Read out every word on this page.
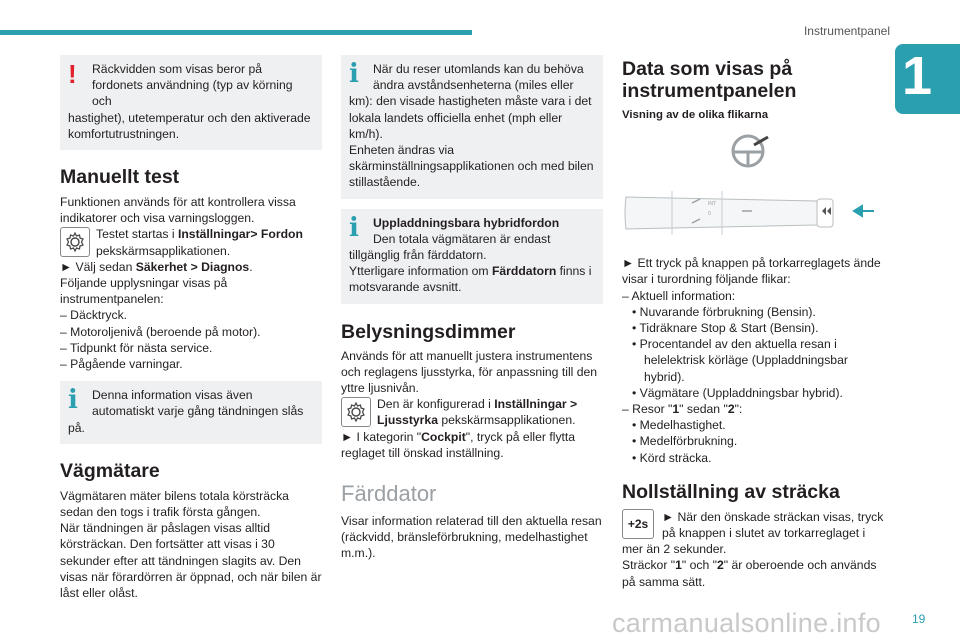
Instrumentpanel
1
!	Räckvidden som visas beror på

fordonets användning (typ av körning och

hastighet), utetemperatur och den aktiverade

komfortutrustningen.

Manuellt test

Funktionen används för att kontrollera vissa

indikatorer och visa varningsloggen.

Testet startas i Inställningar> Fordon

pekskärmsapplikationen.

► Välj sedan Säkerhet > Diagnos.

Följande upplysningar visas på

instrumentpanelen:

– Däcktryck.

– Motoroljenivå (beroende på motor).

– Tidpunkt för nästa service.

– Pågående varningar.

i	Denna information visas även

automatiskt varje gång tändningen slås

på.

Vägmätare

Vägmätaren mäter bilens totala körsträcka

sedan den togs i trafik första gången.

När tändningen är påslagen visas alltid

körsträckan. Den fortsätter att visas i 30

sekunder efter att tändningen slagits av. Den

visas när förardörren är öppnad, och när bilen är

låst eller olåst.

i	När du reser utomlands kan du behöva

ändra avståndsenheterna (miles eller

km): den visade hastigheten måste vara i det

lokala landets officiella enhet (mph eller

km/h).

Enheten ändras via

skärminställningsapplikationen och med bilen

stillastående.

i	Uppladdningsbara hybridfordon

Den totala vägmätaren är endast

tillgänglig från färddatorn.

Ytterligare information om Färddatorn finns i

motsvarande avsnitt.

Belysningsdimmer

Används för att manuellt justera instrumentens

och reglagens ljusstyrka, för anpassning till den

yttre ljusnivån.

Den är konfigurerad i Inställningar >

Ljusstyrka pekskärmsapplikationen.

► I kategorin "Cockpit", tryck på eller flytta

reglaget till önskad inställning.

Färddator

Visar information relaterad till den aktuella resan

(räckvidd, bränsleförbrukning, medelhastighet

m.m.).

Data som visas på
instrumentpanelen

Visning av de olika flikarna

INT
0

► Ett tryck på knappen på torkarreglagets ände

visar i turordning följande flikar:

– Aktuell information:

• Nuvarande förbrukning (Bensin).

• Tidräknare Stop & Start (Bensin).

• Procentandel av den aktuella resan i

helelektrisk körläge (Uppladdningsbar

hybrid).

• Vägmätare (Uppladdningsbar hybrid).

– Resor "1" sedan "2":

• Medelhastighet.

• Medelförbrukning.

• Körd sträcka.

Nollställning av sträcka
+2s	► När den önskade sträckan visas, tryck

på knappen i slutet av torkarreglaget i

mer än 2 sekunder.

Sträckor "1" och "2" är oberoende och används

på samma sätt.

carmanualsonline.info	19
